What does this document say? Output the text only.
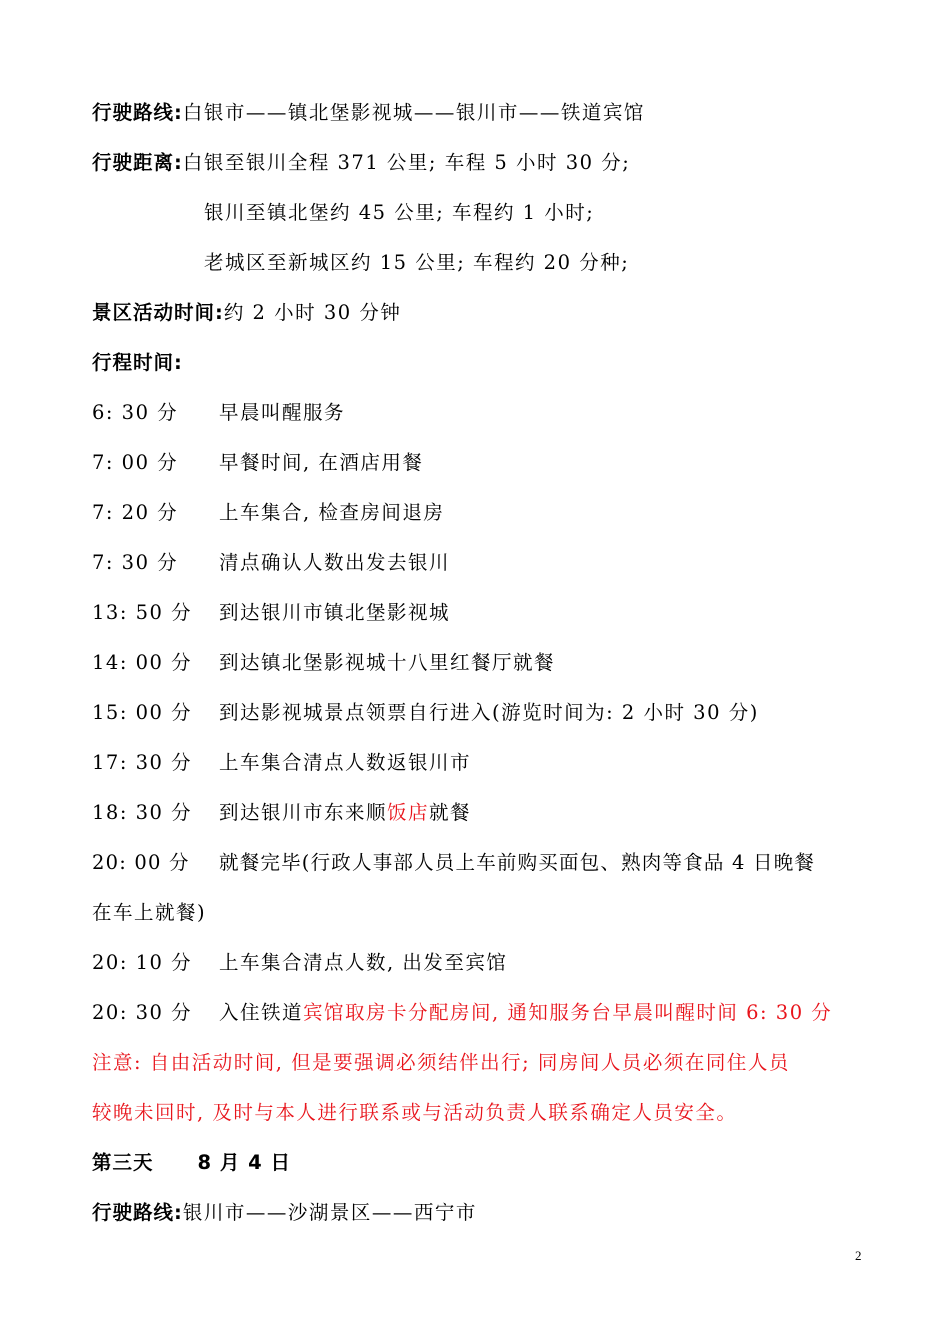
行驶路线:白银市——镇北堡影视城——银川市——铁道宾馆
行驶距离:白银至银川全程 371 公里; 车程 5 小时 30 分;
银川至镇北堡约 45 公里; 车程约 1 小时;
老城区至新城区约 15 公里; 车程约 20 分种;
景区活动时间:约 2 小时 30 分钟
行程时间:
6: 30 分 早晨叫醒服务
7: 00 分 早餐时间, 在酒店用餐
7: 20 分 上车集合, 检查房间退房
7: 30 分 清点确认人数出发去银川
13: 50 分 到达银川市镇北堡影视城
14: 00 分 到达镇北堡影视城十八里红餐厅就餐
15: 00 分 到达影视城景点领票自行进入(游览时间为: 2 小时 30 分)
17: 30 分 上车集合清点人数返银川市
18: 30 分 到达银川市东来顺饭店就餐
20: 00 分 就餐完毕(行政人事部人员上车前购买面包、熟肉等食品 4 日晚餐
在车上就餐)
20: 10 分 上车集合清点人数, 出发至宾馆
20: 30 分 入住铁道宾馆取房卡分配房间, 通知服务台早晨叫醒时间 6: 30 分
注意: 自由活动时间, 但是要强调必须结伴出行; 同房间人员必须在同住人员
较晚未回时, 及时与本人进行联系或与活动负责人联系确定人员安全。
第三天 8 月 4 日
行驶路线:银川市——沙湖景区——西宁市
2
